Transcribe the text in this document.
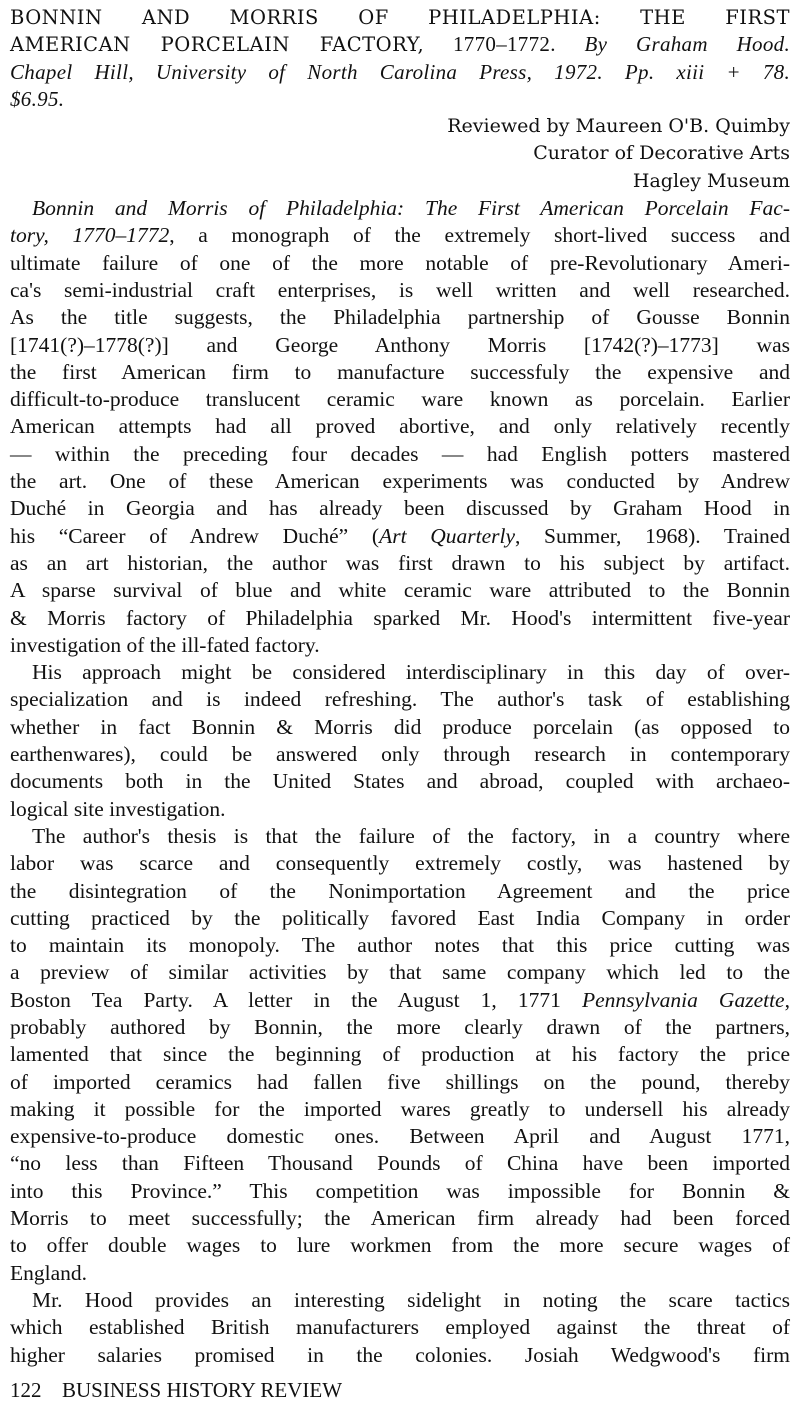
BONNIN AND MORRIS OF PHILADELPHIA: THE FIRST
AMERICAN PORCELAIN FACTORY, 1770–1772. By Graham Hood.
Chapel Hill, University of North Carolina Press, 1972. Pp. xiii + 78.
$6.95.
Reviewed by Maureen O'B. Quimby
Curator of Decorative Arts
Hagley Museum
Bonnin and Morris of Philadelphia: The First American Porcelain Fac-
tory, 1770–1772, a monograph of the extremely short-lived success and
ultimate failure of one of the more notable of pre-Revolutionary Ameri-
ca's semi-industrial craft enterprises, is well written and well researched.
As the title suggests, the Philadelphia partnership of Gousse Bonnin
[1741(?)–1778(?)] and George Anthony Morris [1742(?)–1773] was
the first American firm to manufacture successfuly the expensive and
difficult-to-produce translucent ceramic ware known as porcelain. Earlier
American attempts had all proved abortive, and only relatively recently
— within the preceding four decades — had English potters mastered
the art. One of these American experiments was conducted by Andrew
Duché in Georgia and has already been discussed by Graham Hood in
his “Career of Andrew Duché” (Art Quarterly, Summer, 1968). Trained
as an art historian, the author was first drawn to his subject by artifact.
A sparse survival of blue and white ceramic ware attributed to the Bonnin
& Morris factory of Philadelphia sparked Mr. Hood's intermittent five-year
investigation of the ill-fated factory.
His approach might be considered interdisciplinary in this day of over-
specialization and is indeed refreshing. The author's task of establishing
whether in fact Bonnin & Morris did produce porcelain (as opposed to
earthenwares), could be answered only through research in contemporary
documents both in the United States and abroad, coupled with archaeo-
logical site investigation.
The author's thesis is that the failure of the factory, in a country where
labor was scarce and consequently extremely costly, was hastened by
the disintegration of the Nonimportation Agreement and the price
cutting practiced by the politically favored East India Company in order
to maintain its monopoly. The author notes that this price cutting was
a preview of similar activities by that same company which led to the
Boston Tea Party. A letter in the August 1, 1771 Pennsylvania Gazette,
probably authored by Bonnin, the more clearly drawn of the partners,
lamented that since the beginning of production at his factory the price
of imported ceramics had fallen five shillings on the pound, thereby
making it possible for the imported wares greatly to undersell his already
expensive-to-produce domestic ones. Between April and August 1771,
“no less than Fifteen Thousand Pounds of China have been imported
into this Province.” This competition was impossible for Bonnin &
Morris to meet successfully; the American firm already had been forced
to offer double wages to lure workmen from the more secure wages of
England.
Mr. Hood provides an interesting sidelight in noting the scare tactics
which established British manufacturers employed against the threat of
higher salaries promised in the colonies. Josiah Wedgwood's firm
122 BUSINESS HISTORY REVIEW
